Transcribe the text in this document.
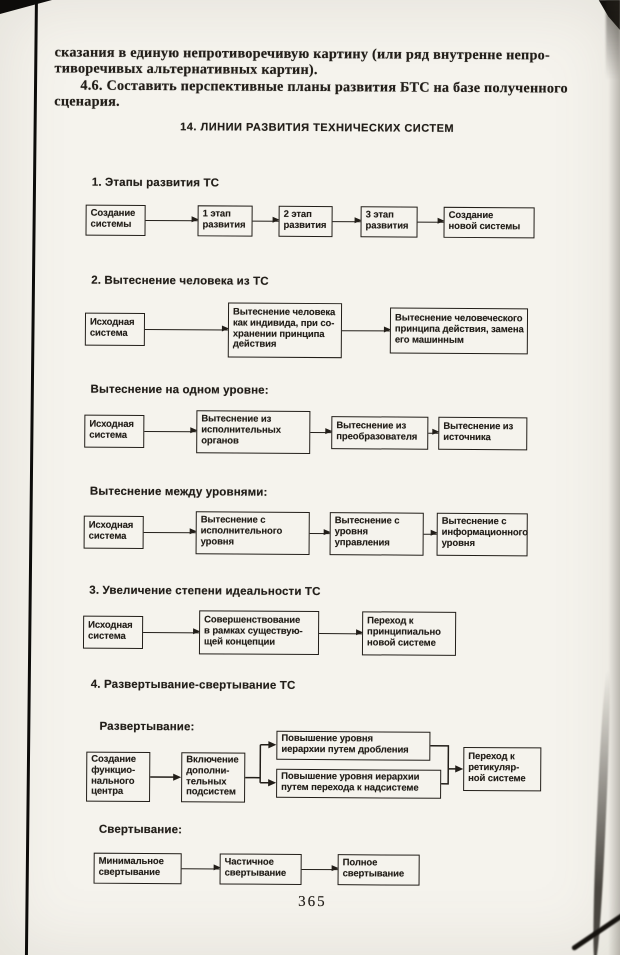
сказания в единую непротиворечивую картину (или ряд внутренне непро-
тиворечивых альтернативных картин).

4.6. Составить перспективные планы развития БТС на базе полученного
сценария.

14. ЛИНИИ РАЗВИТИЯ ТЕХНИЧЕСКИХ СИСТЕМ
1. Этапы развития ТС
Создание
системы
1 этап
развития
2 этап
развития
3 этап
развития
Создание
новой системы
2. Вытеснение человека из ТС
Исходная
система
Вытеснение человека
как индивида, при со-
хранении принципа
действия
Вытеснение человеческого
принципа действия, замена
его машинным
Вытеснение на одном уровне:
Исходная
система
Вытеснение из
исполнительных
органов
Вытеснение из
преобразователя
Вытеснение из
источника
Вытеснение между уровнями:
Исходная
система
Вытеснение с
исполнительного
уровня
Вытеснение с
уровня
управления
Вытеснение с
информационного
уровня
3. Увеличение степени идеальности ТС
Исходная
система
Совершенствование
в рамках существую-
щей концепции
Переход к
принципиально
новой системе
4. Развертывание-свертывание ТС
Развертывание:
Создание
функцио-
нального
центра
Включение
дополни-
тельных
подсистем
Повышение уровня
иерархии путем дробления
Повышение уровня иерархии
путем перехода к надсистеме
Переход к
ретикуляр-
ной системе
Свертывание:
Минимальное
свертывание
Частичное
свертывание
Полное
свертывание
365
